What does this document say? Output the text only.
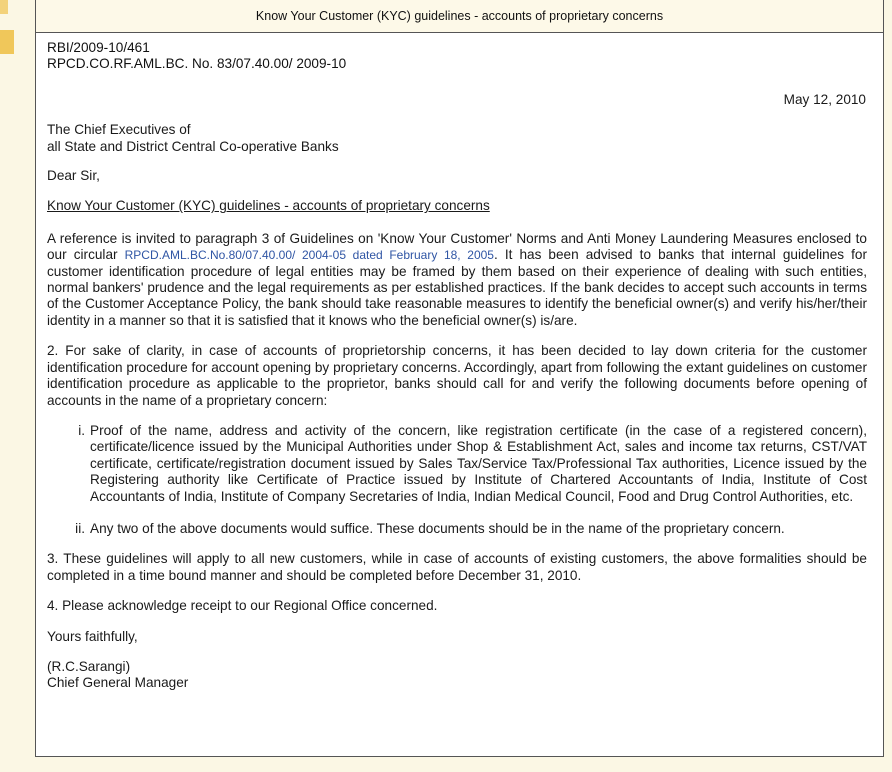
Know Your Customer (KYC) guidelines - accounts of proprietary concerns

RBI/2009-10/461

RPCD.CO.RF.AML.BC. No. 83/07.40.00/ 2009-10

May 12, 2010

The Chief Executives of

all State and District Central Co-operative Banks

Dear Sir,

Know Your Customer (KYC) guidelines - accounts of proprietary concerns

A reference is invited to paragraph 3 of Guidelines on 'Know Your Customer' Norms and Anti Money Laundering Measures enclosed to our circular RPCD.AML.BC.No.80/07.40.00/ 2004-05 dated February 18, 2005. It has been advised to banks that internal guidelines for customer identification procedure of legal entities may be framed by them based on their experience of dealing with such entities, normal bankers' prudence and the legal requirements as per established practices. If the bank decides to accept such accounts in terms of the Customer Acceptance Policy, the bank should take reasonable measures to identify the beneficial owner(s) and verify his/her/their identity in a manner so that it is satisfied that it knows who the beneficial owner(s) is/are.

2. For sake of clarity, in case of accounts of proprietorship concerns, it has been decided to lay down criteria for the customer identification procedure for account opening by proprietary concerns. Accordingly, apart from following the extant guidelines on customer identification procedure as applicable to the proprietor, banks should call for and verify the following documents before opening of accounts in the name of a proprietary concern:

i. Proof of the name, address and activity of the concern, like registration certificate (in the case of a registered concern), certificate/licence issued by the Municipal Authorities under Shop & Establishment Act, sales and income tax returns, CST/VAT certificate, certificate/registration document issued by Sales Tax/Service Tax/Professional Tax authorities, Licence issued by the Registering authority like Certificate of Practice issued by Institute of Chartered Accountants of India, Institute of Cost Accountants of India, Institute of Company Secretaries of India, Indian Medical Council, Food and Drug Control Authorities, etc.
ii. Any two of the above documents would suffice. These documents should be in the name of the proprietary concern.

3. These guidelines will apply to all new customers, while in case of accounts of existing customers, the above formalities should be completed in a time bound manner and should be completed before December 31, 2010.

4. Please acknowledge receipt to our Regional Office concerned.

Yours faithfully,

(R.C.Sarangi)

Chief General Manager
